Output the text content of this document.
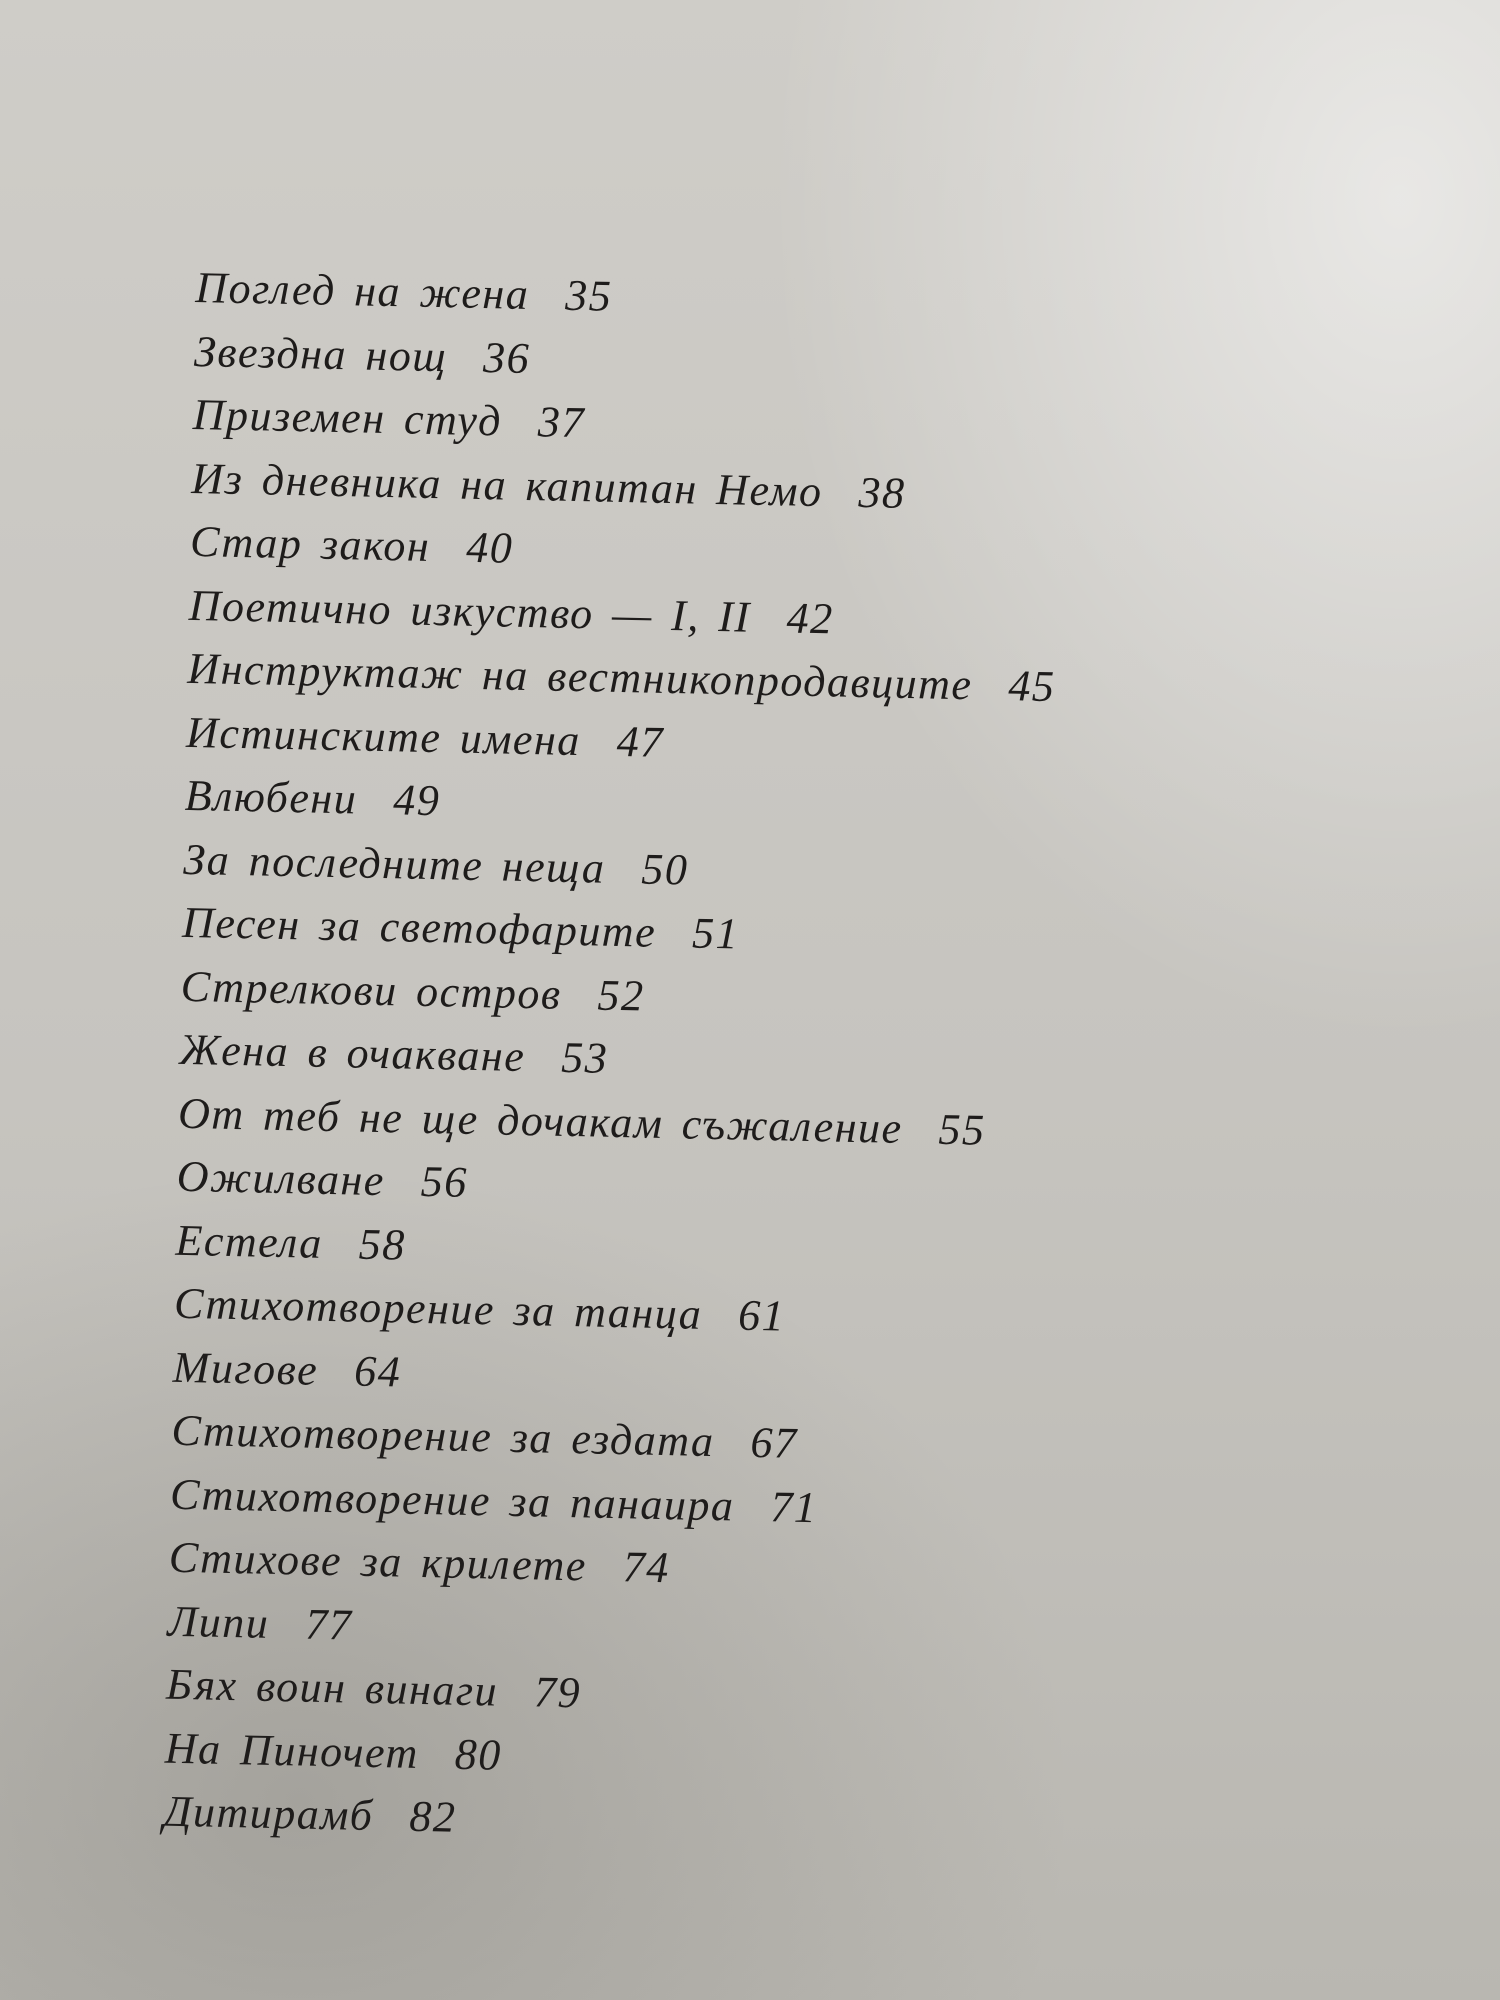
Поглед на жена 35
Звездна нощ 36
Приземен студ 37
Из дневника на капитан Немо 38
Стар закон 40
Поетично изкуство — I, II 42
Инструктаж на вестникопродавците 45
Истинските имена 47
Влюбени 49
За последните неща 50
Песен за светофарите 51
Стрелкови остров 52
Жена в очакване 53
От теб не ще дочакам съжаление 55
Ожилване 56
Естела 58
Стихотворение за танца 61
Мигове 64
Стихотворение за ездата 67
Стихотворение за панаира 71
Стихове за крилете 74
Липи 77
Бях воин винаги 79
На Пиночет 80
Дитирамб 82
